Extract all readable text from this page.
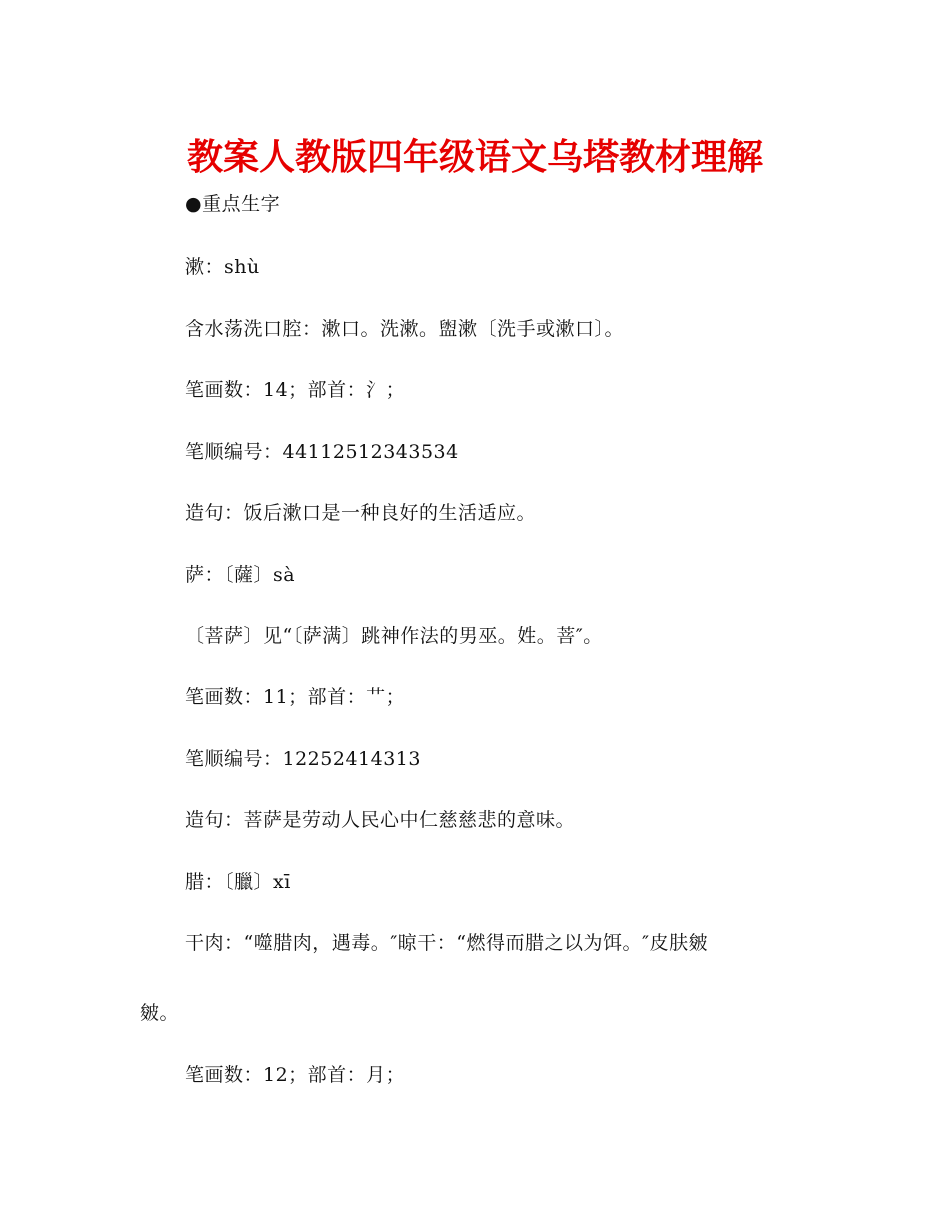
教案人教版四年级语文乌塔教材理解
●重点生字
漱：shù
含水荡洗口腔：漱口。洗漱。盥漱〔洗手或漱口〕。
笔画数：14；部首：氵；
笔顺编号：44112512343534
造句：饭后漱口是一种良好的生活适应。
萨：〔薩〕sà
〔菩萨〕见“〔萨满〕跳神作法的男巫。姓。菩″。
笔画数：11；部首：艹；
笔顺编号：12252414313
造句：菩萨是劳动人民心中仁慈慈悲的意味。
腊：〔臘〕xī
干肉：“噬腊肉，遇毒。″晾干：“燃得而腊之以为饵。″皮肤皴
皴。
笔画数：12；部首：月；
